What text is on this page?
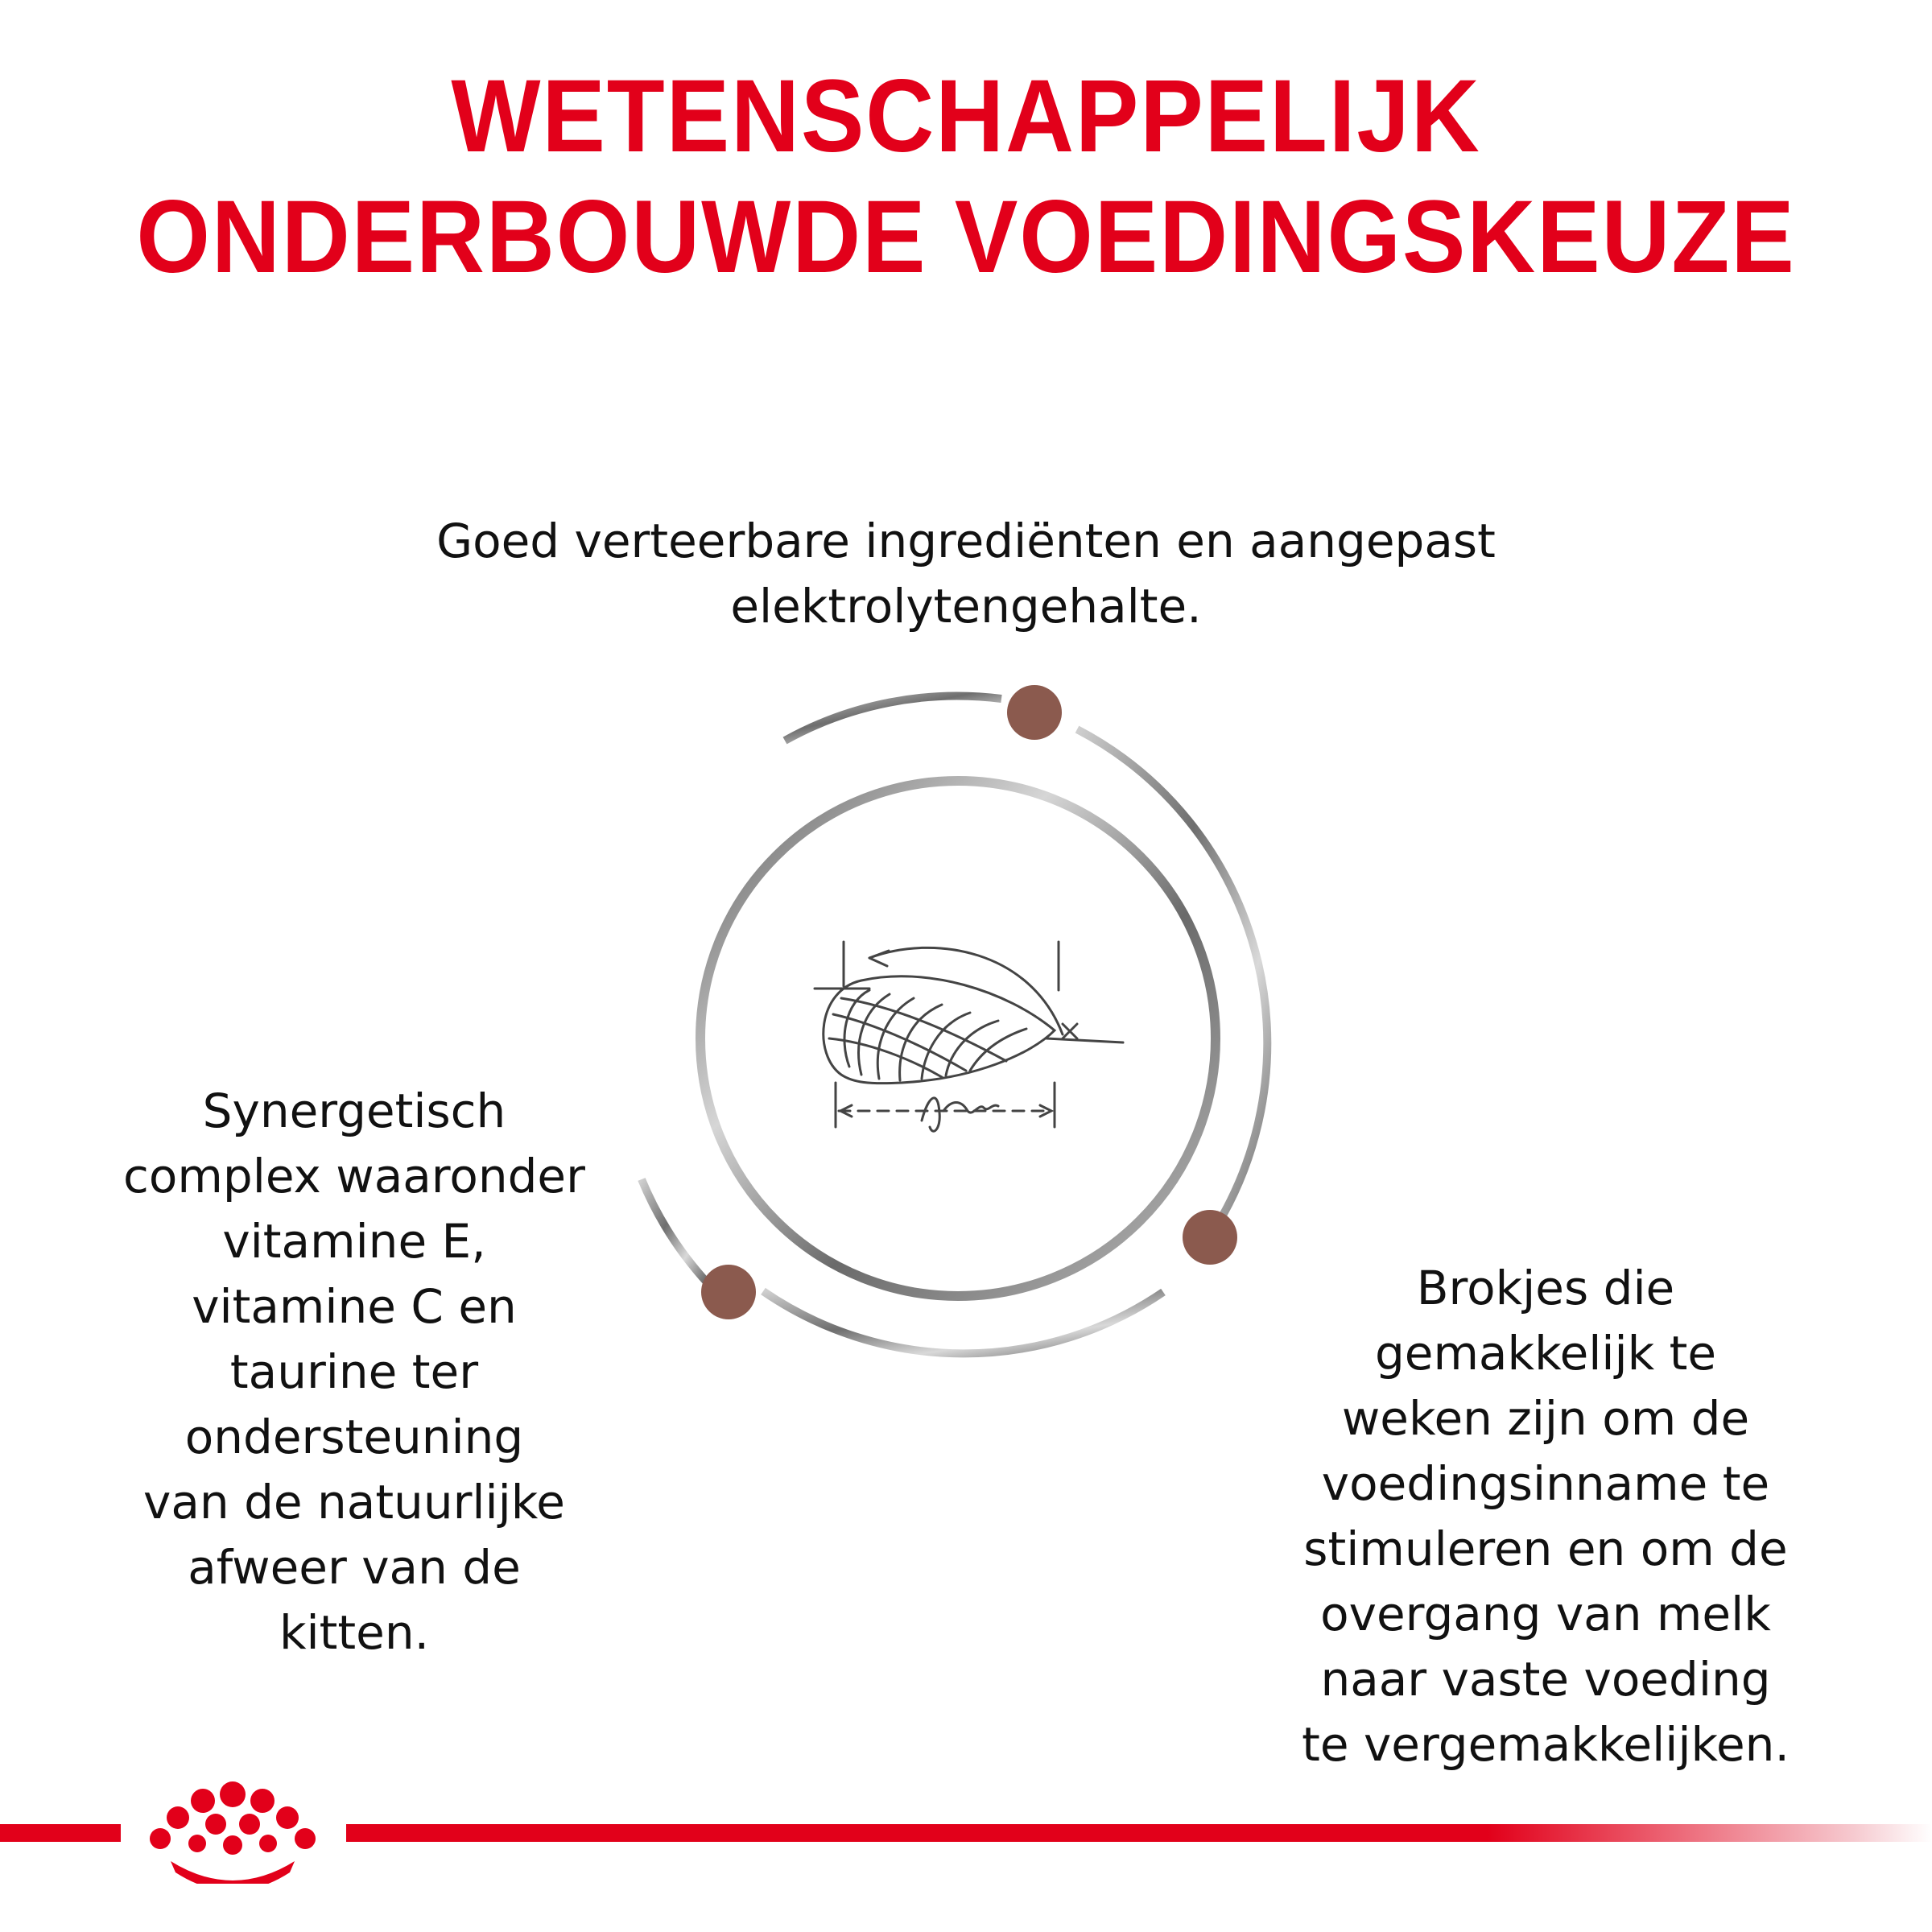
WETENSCHAPPELIJK
ONDERBOUWDE VOEDINGSKEUZE
Goed verteerbare ingrediënten en aangepast
elektrolytengehalte.
Synergetisch
complex waaronder
vitamine E,
vitamine C en
taurine ter
ondersteuning
van de natuurlijke
afweer van de
kitten.
Brokjes die
gemakkelijk te
weken zijn om de
voedingsinname te
stimuleren en om de
overgang van melk
naar vaste voeding
te vergemakkelijken.
